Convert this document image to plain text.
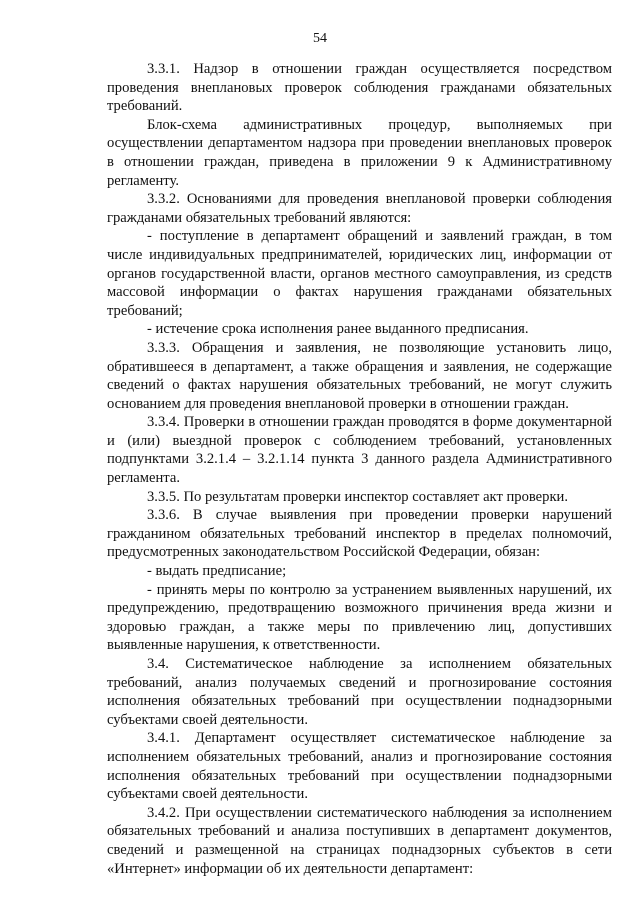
54

3.3.1. Надзор в отношении граждан осуществляется посредством проведения внеплановых проверок соблюдения гражданами обязательных требований.

Блок-схема административных процедур, выполняемых при осуществлении департаментом надзора при проведении внеплановых проверок в отношении граждан, приведена в приложении 9 к Административному регламенту.

3.3.2. Основаниями для проведения внеплановой проверки соблюдения гражданами обязательных требований являются:

- поступление в департамент обращений и заявлений граждан, в том числе индивидуальных предпринимателей, юридических лиц, информации от органов государственной власти, органов местного самоуправления, из средств массовой информации о фактах нарушения гражданами обязательных требований;

- истечение срока исполнения ранее выданного предписания.

3.3.3. Обращения и заявления, не позволяющие установить лицо, обратившееся в департамент, а также обращения и заявления, не содержащие сведений о фактах нарушения обязательных требований, не могут служить основанием для проведения внеплановой проверки в отношении граждан.

3.3.4. Проверки в отношении граждан проводятся в форме документарной и (или) выездной проверок с соблюдением требований, установленных подпунктами 3.2.1.4 – 3.2.1.14 пункта 3 данного раздела Административного регламента.

3.3.5. По результатам проверки инспектор составляет акт проверки.

3.3.6. В случае выявления при проведении проверки нарушений гражданином обязательных требований инспектор в пределах полномочий, предусмотренных законодательством Российской Федерации, обязан:

- выдать предписание;

- принять меры по контролю за устранением выявленных нарушений, их предупреждению, предотвращению возможного причинения вреда жизни и здоровью граждан, а также меры по привлечению лиц, допустивших выявленные нарушения, к ответственности.

3.4. Систематическое наблюдение за исполнением обязательных требований, анализ получаемых сведений и прогнозирование состояния исполнения обязательных требований при осуществлении поднадзорными субъектами своей деятельности.

3.4.1. Департамент осуществляет систематическое наблюдение за исполнением обязательных требований, анализ и прогнозирование состояния исполнения обязательных требований при осуществлении поднадзорными субъектами своей деятельности.

3.4.2. При осуществлении систематического наблюдения за исполнением обязательных требований и анализа поступивших в департамент документов, сведений и размещенной на страницах поднадзорных субъектов в сети «Интернет» информации об их деятельности департамент:
